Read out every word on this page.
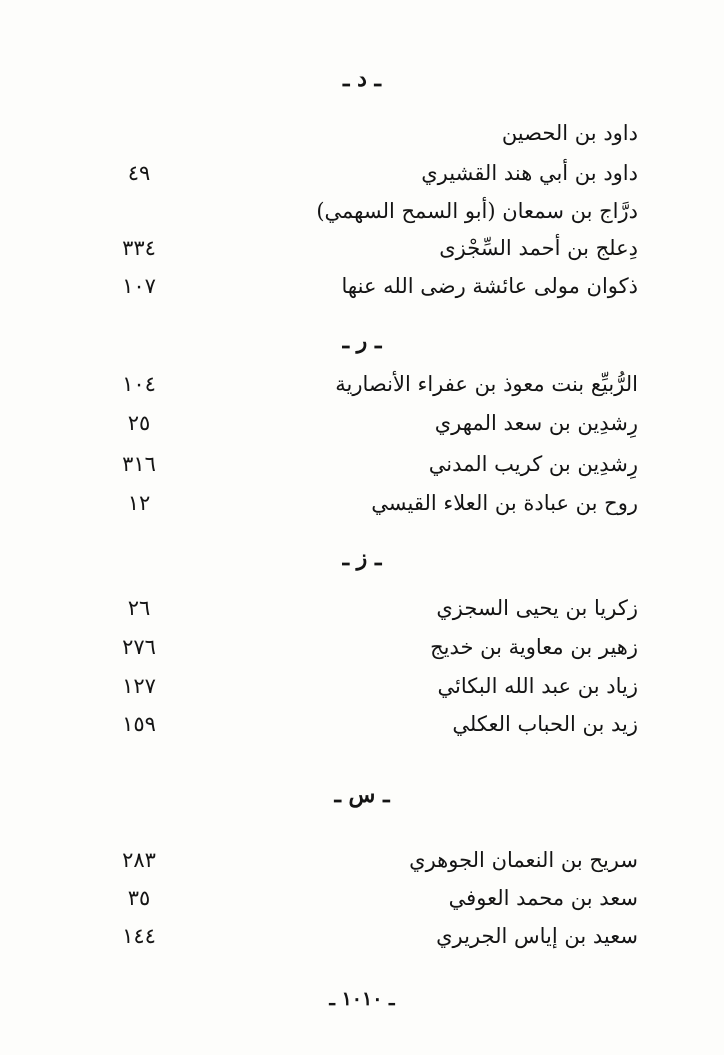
ـ د ـ
داود بن الحصين
داود بن أبي هند القشيري
٤٩
درَّاج بن سمعان (أبو السمح السهمي)
دِعلج بن أحمد السِّجْزى
٣٣٤
ذكوان مولى عائشة رضى الله عنها
١٠٧
ـ ر ـ
الرُّبيِّع بنت معوذ بن عفراء الأنصارية
١٠٤
رِشدِين بن سعد المهري
٢٥
رِشدِين بن كريب المدني
٣١٦
روح بن عبادة بن العلاء القيسي
١٢
ـ ز ـ
زكريا بن يحيى السجزي
٢٦
زهير بن معاوية بن خديج
٢٧٦
زياد بن عبد الله البكائي
١٢٧
زيد بن الحباب العكلي
١٥٩
ـ س ـ
سريح بن النعمان الجوهري
٢٨٣
سعد بن محمد العوفي
٣٥
سعيد بن إياس الجريري
١٤٤
ـ ١٠١٠ ـ
